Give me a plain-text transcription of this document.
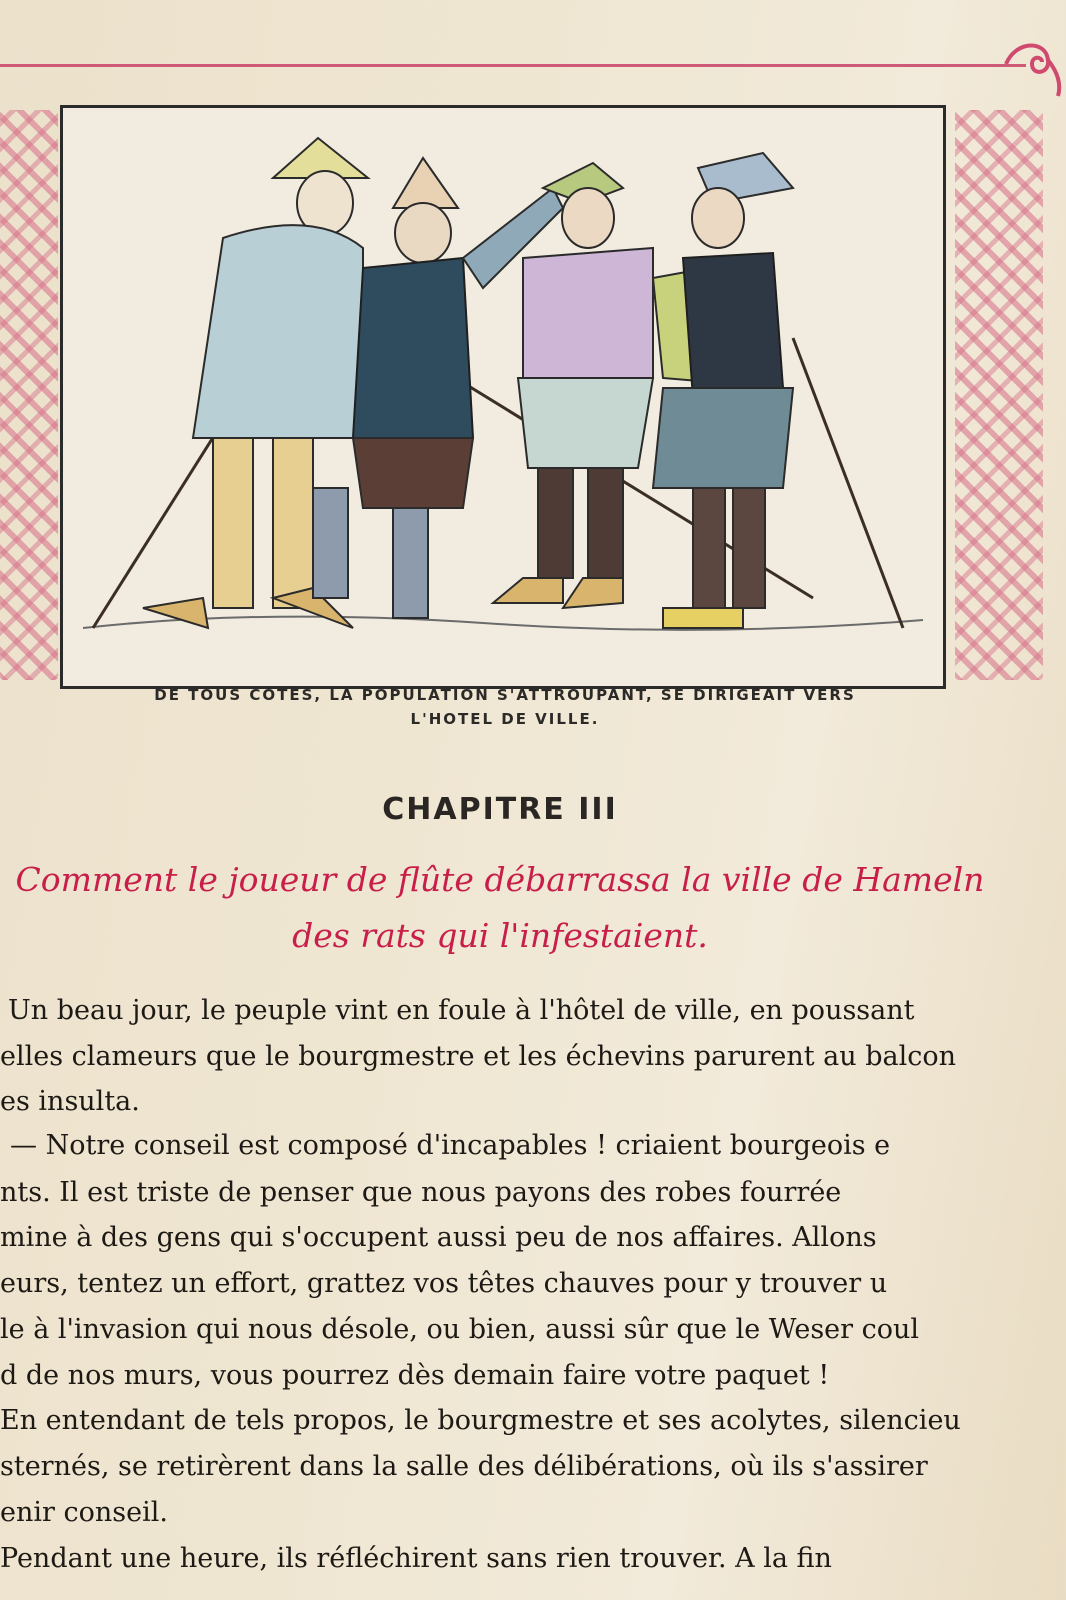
DE TOUS COTÉS, LA POPULATION S'ATTROUPANT, SE DIRIGEAIT VERS
L'HOTEL DE VILLE.
CHAPITRE III
Comment le joueur de flûte débarrassa la ville de Hameln
des rats qui l'infestaient.
Un beau jour, le peuple vint en foule à l'hôtel de ville, en poussant
elles clameurs que le bourgmestre et les échevins parurent au balcon
es insulta.
— Notre conseil est composé d'incapables ! criaient bourgeois e
nts. Il est triste de penser que nous payons des robes fourrée
mine à des gens qui s'occupent aussi peu de nos affaires. Allons
eurs, tentez un effort, grattez vos têtes chauves pour y trouver u
le à l'invasion qui nous désole, ou bien, aussi sûr que le Weser coul
d de nos murs, vous pourrez dès demain faire votre paquet !
En entendant de tels propos, le bourgmestre et ses acolytes, silencieu
sternés, se retirèrent dans la salle des délibérations, où ils s'assirer
enir conseil.
Pendant une heure, ils réfléchirent sans rien trouver. A la fin
